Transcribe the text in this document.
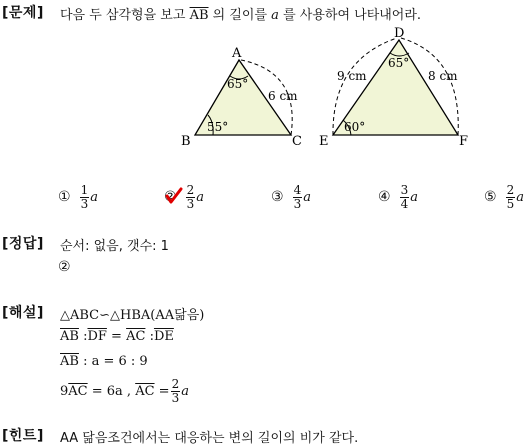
[문제] 다음 두 삼각형을 보고 $\overline{AB}$ 의 길이를 a 를 사용하여 나타내어라.
A
B	C
65°
55°
6 cm
D
E	F
65°
60°
9 cm	8 cm
① $\frac{1}{3}$ a	② $\frac{2}{3}$ a	③ $\frac{4}{3}$ a	④ $\frac{3}{4}$ a	⑤ $\frac{2}{5}$ a
[정답] 순서: 없음, 갯수: 1
②
[해설] △ABC∽△HBA(AA닮음)
$\overline{AB}$ $:\overline{DF} = \overline{AC}$ $:\overline{DE}$
$\overline{AB}$ : a = 6 : 9
9 $\overline{AC} = 6a$ , $\overline{AC} = \frac{2}{3}$ a
[힌트] AA 닮음조건에서는 대응하는 변의 길이의 비가 같다.
